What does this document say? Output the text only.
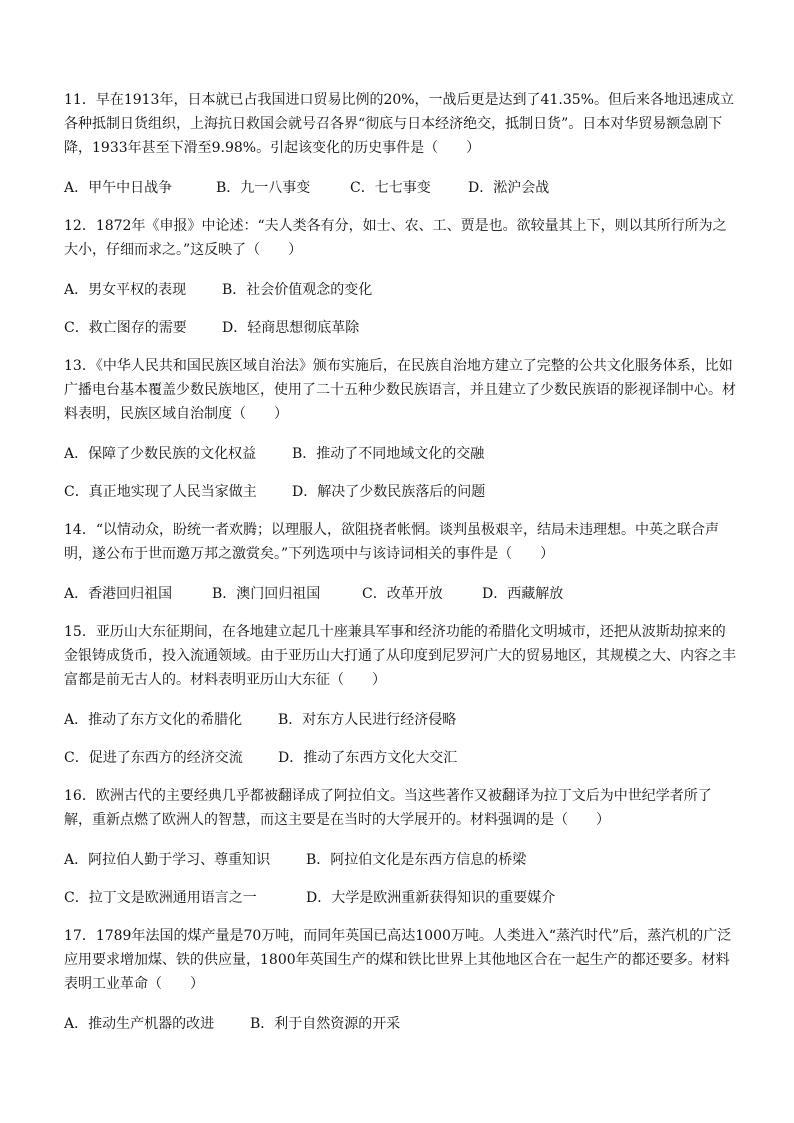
11．早在1913年，日本就已占我国进口贸易比例的20%，一战后更是达到了41.35%。但后来各地迅速成立各种抵制日货组织，上海抗日救国会就号召各界“彻底与日本经济绝交，抵制日货”。日本对华贸易额急剧下降，1933年甚至下滑至9.98%。引起该变化的历史事件是（　　）
A．甲午中日战争	B．九一八事变	C．七七事变	D．淞沪会战
12．1872年《申报》中论述：“夫人类各有分，如士、农、工、贾是也。欲较量其上下，则以其所行所为之大小，仔细而求之。”这反映了（　　）
A．男女平权的表现	B．社会价值观念的变化
C．救亡图存的需要	D．轻商思想彻底革除
13．《中华人民共和国民族区域自治法》颁布实施后，在民族自治地方建立了完整的公共文化服务体系，比如广播电台基本覆盖少数民族地区，使用了二十五种少数民族语言，并且建立了少数民族语的影视译制中心。材料表明，民族区域自治制度（　　）
A．保障了少数民族的文化权益	B．推动了不同地域文化的交融
C．真正地实现了人民当家做主	D．解决了少数民族落后的问题
14．“以情动众，盼统一者欢腾；以理服人，欲阻挠者帐惘。谈判虽极艰辛，结局未违理想。中英之联合声明，遂公布于世而邀万邦之激赏矣。”下列选项中与该诗词相关的事件是（　　）
A．香港回归祖国	B．澳门回归祖国	C．改革开放	D．西藏解放
15．亚历山大东征期间，在各地建立起几十座兼具军事和经济功能的希腊化文明城市，还把从波斯劫掠来的金银铸成货币，投入流通领域。由于亚历山大打通了从印度到尼罗河广大的贸易地区，其规模之大、内容之丰富都是前无古人的。材料表明亚历山大东征（　　）
A．推动了东方文化的希腊化	B．对东方人民进行经济侵略
C．促进了东西方的经济交流	D．推动了东西方文化大交汇
16．欧洲古代的主要经典几乎都被翻译成了阿拉伯文。当这些著作又被翻译为拉丁文后为中世纪学者所了解，重新点燃了欧洲人的智慧，而这主要是在当时的大学展开的。材料强调的是（　　）
A．阿拉伯人勤于学习、尊重知识	B．阿拉伯文化是东西方信息的桥梁
C．拉丁文是欧洲通用语言之一	D．大学是欧洲重新获得知识的重要媒介
17．1789年法国的煤产量是70万吨，而同年英国已高达1000万吨。人类进入“蒸汽时代”后，蒸汽机的广泛应用要求增加煤、铁的供应量，1800年英国生产的煤和铁比世界上其他地区合在一起生产的都还要多。材料表明工业革命（　　）
A．推动生产机器的改进	B．利于自然资源的开采
